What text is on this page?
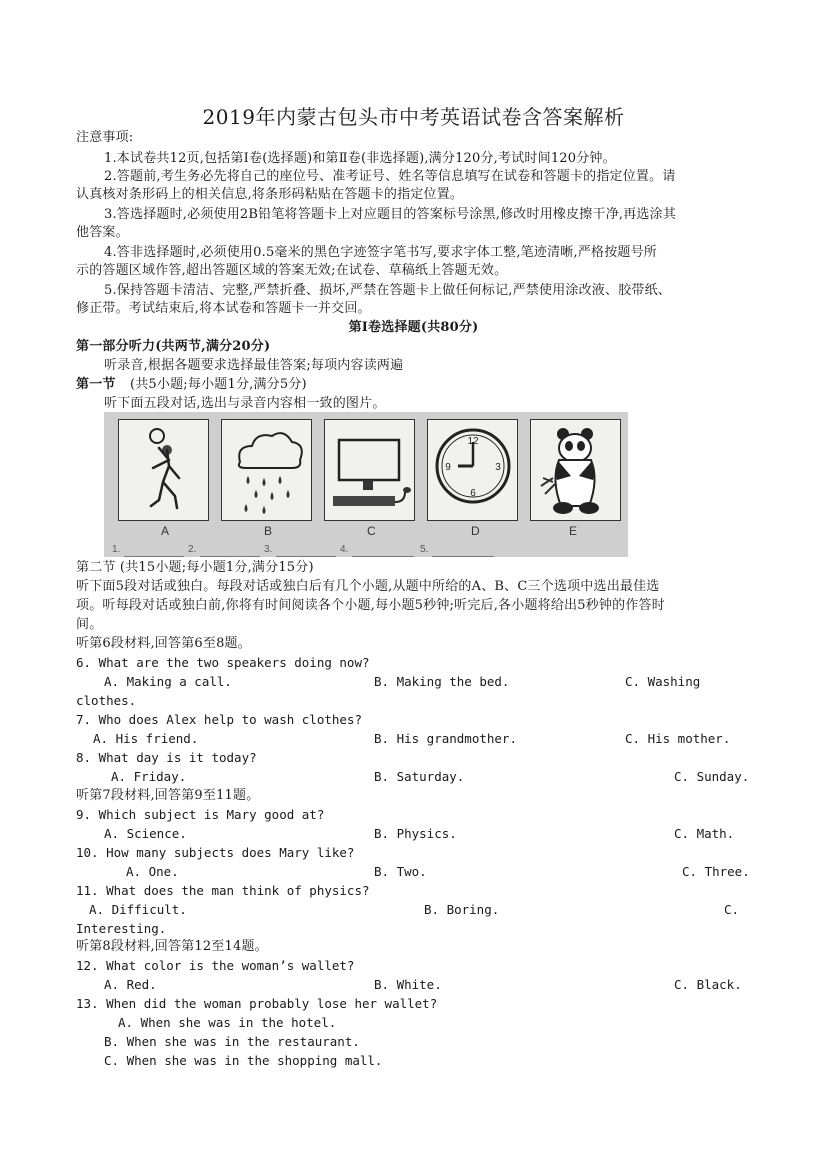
2019年内蒙古包头市中考英语试卷含答案解析
注意事项:
1.本试卷共12页,包括第Ⅰ卷(选择题)和第Ⅱ卷(非选择题),满分120分,考试时间120分钟。
2.答题前,考生务必先将自己的座位号、准考证号、姓名等信息填写在试卷和答题卡的指定位置。请
认真核对条形码上的相关信息,将条形码粘贴在答题卡的指定位置。
3.答选择题时,必须使用2B铅笔将答题卡上对应题目的答案标号涂黑,修改时用橡皮擦干净,再选涂其
他答案。
4.答非选择题时,必须使用0.5毫米的黑色字迹签字笔书写,要求字体工整,笔迹清晰,严格按题号所
示的答题区域作答,超出答题区域的答案无效;在试卷、草稿纸上答题无效。
5.保持答题卡清洁、完整,严禁折叠、损坏,严禁在答题卡上做任何标记,严禁使用涂改液、胶带纸、
修正带。考试结束后,将本试卷和答题卡一并交回。
第Ⅰ卷选择题(共80分)
第一部分听力(共两节,满分20分)
听录音,根据各题要求选择最佳答案;每项内容读两遍
第一节 (共5小题;每小题1分,满分5分)
听下面五段对话,选出与录音内容相一致的图片。
12
3
6
9
A	B	C	D	E
1.	2.	3.	4.	5.
第二节 (共15小题;每小题1分,满分15分)
听下面5段对话或独白。每段对话或独白后有几个小题,从题中所给的A、B、C三个选项中选出最佳选
项。听每段对话或独白前,你将有时间阅读各个小题,每小题5秒钟;听完后,各小题将给出5秒钟的作答时
间。
听第6段材料,回答第6至8题。
6. What are the two speakers doing now?
A. Making a call.	B. Making the bed.	C. Washing
clothes.
7. Who does Alex help to wash clothes?
A. His friend.	B. His grandmother.	C. His mother.
8. What day is it today?
A. Friday.	B. Saturday.	C. Sunday.
听第7段材料,回答第9至11题。
9. Which subject is Mary good at?
A. Science.	B. Physics.	C. Math.
10. How many subjects does Mary like?
A. One.	B. Two.	C. Three.
11. What does the man think of physics?
A. Difficult.	B. Boring.	C.
Interesting.
听第8段材料,回答第12至14题。
12. What color is the woman’s wallet?
A. Red.	B. White.	C. Black.
13. When did the woman probably lose her wallet?
A. When she was in the hotel.
B. When she was in the restaurant.
C. When she was in the shopping mall.
